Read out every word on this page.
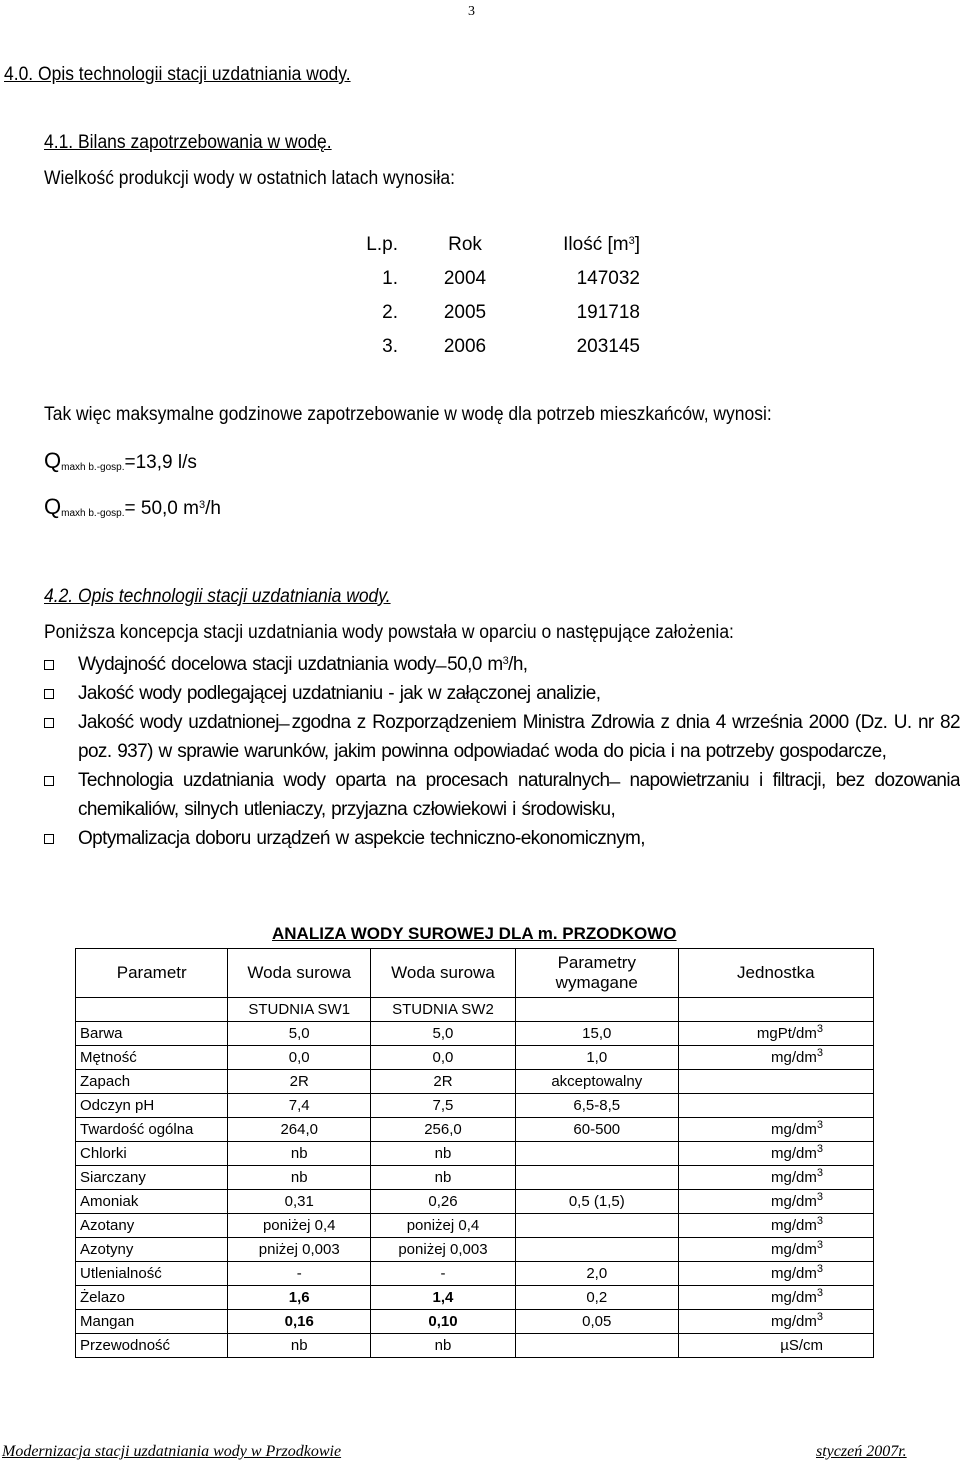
3
4.0. Opis technologii stacji uzdatniania wody.
4.1. Bilans zapotrzebowania w wodę.
Wielkość produkcji wody w ostatnich latach wynosiła:
L.p.	Rok	Ilość $[m^3]$
1.	2004	147032
2.	2005	191718
3.	2006	203145
Tak więc maksymalne godzinowe zapotrzebowanie w wodę dla potrzeb mieszkańców, wynosi:
$Q_{maxh b.-gosp.}=13,9$ l/s
$Q_{maxh b.-gosp.}= 50,0$ $m^3/h$
4.2. Opis technologii stacji uzdatniania wody.
Poniższa koncepcja stacji uzdatniania wody powstała w oparciu o następujące założenia:
Wydajność docelowa stacji uzdatniania wody ̶ 50,0 $m^3/h$,
Jakość wody podlegającej uzdatnianiu - jak w załączonej analizie,
Jakość wody uzdatnionej ̶ zgodna z Rozporządzeniem Ministra Zdrowia z dnia 4 września 2000 (Dz. U. nr 82 poz. 937) w sprawie warunków, jakim powinna odpowiadać woda do picia i na potrzeby gospodarcze,
Technologia uzdatniania wody oparta na procesach naturalnych ̶ napowietrzaniu i filtracji, bez dozowania chemikaliów, silnych utleniaczy, przyjazna człowiekowi i środowisku,
Optymalizacja doboru urządzeń w aspekcie techniczno-ekonomicznym,
ANALIZA WODY SUROWEJ DLA m. PRZODKOWO
Parametr	Woda surowa	Woda surowa	Parametry wymagane	Jednostka
	STUDNIA SW1	STUDNIA SW2		
Barwa	5,0	5,0	15,0	mgPt/$dm^3$
Mętność	0,0	0,0	1,0	$mg/dm^3$
Zapach	2R	2R	akceptowalny	
Odczyn pH	7,4	7,5	6,5-8,5	
Twardość ogólna	264,0	256,0	60-500	$mg/dm^3$
Chlorki	nb	nb		$mg/dm^3$
Siarczany	nb	nb		$mg/dm^3$
Amoniak	0,31	0,26	0,5 (1,5)	$mg/dm^3$
Azotany	poniżej 0,4	poniżej 0,4		$mg/dm^3$
Azotyny	pniżej 0,003	poniżej 0,003		$mg/dm^3$
Utlenialność	-	-	2,0	$mg/dm^3$
Żelazo	1,6	1,4	0,2	$mg/dm^3$
Mangan	0,16	0,10	0,05	$mg/dm^3$
Przewodność	nb	nb		µS/cm
Modernizacja stacji uzdatniania wody w Przodkowie	styczeń 2007r.
